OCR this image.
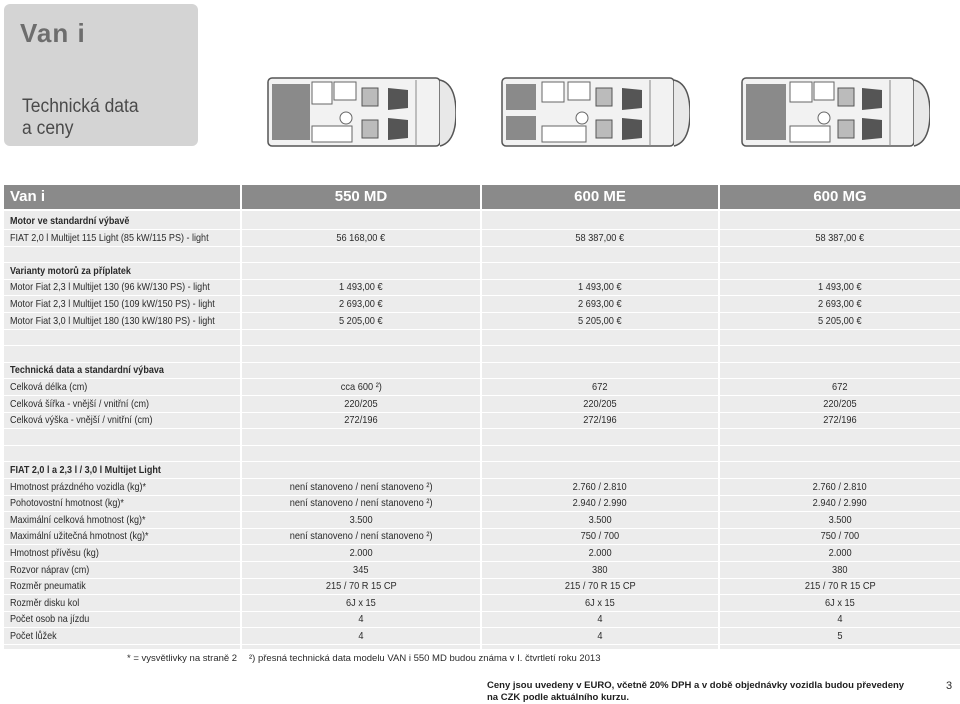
Van i
Technická data
a ceny
Van i	550 MD	600 ME	600 MG
Motor ve standardní výbavě
FIAT 2,0 l Multijet 115 Light (85 kW/115 PS) - light	56 168,00 €	58 387,00 €	58 387,00 €
Varianty motorů za příplatek
Motor Fiat 2,3 l Multijet 130 (96 kW/130 PS) - light	1 493,00 €	1 493,00 €	1 493,00 €
Motor Fiat 2,3 l Multijet 150 (109 kW/150 PS) - light	2 693,00 €	2 693,00 €	2 693,00 €
Motor Fiat 3,0 l Multijet 180 (130 kW/180 PS) - light	5 205,00 €	5 205,00 €	5 205,00 €
Technická data a standardní výbava
Celková délka (cm)	cca 600 ²)	672	672
Celková šířka - vnější / vnitřní (cm)	220/205	220/205	220/205
Celková výška - vnější / vnitřní (cm)	272/196	272/196	272/196
FIAT 2,0 l a 2,3 l / 3,0 l Multijet Light
Hmotnost prázdného vozidla (kg)*	není stanoveno / není stanoveno ²)	2.760 / 2.810	2.760 / 2.810
Pohotovostní hmotnost (kg)*	není stanoveno / není stanoveno ²)	2.940 / 2.990	2.940 / 2.990
Maximální celková hmotnost (kg)*	3.500	3.500	3.500
Maximální užitečná hmotnost (kg)*	není stanoveno / není stanoveno ²)	750 / 700	750 / 700
Hmotnost přívěsu (kg)	2.000	2.000	2.000
Rozvor náprav (cm)	345	380	380
Rozměr pneumatik	215 / 70 R 15 CP	215 / 70 R 15 CP	215 / 70 R 15 CP
Rozměr disku kol	6J x 15	6J x 15	6J x 15
Počet osob na jízdu	4	4	4
Počet lůžek	4	4	5
* = vysvětlivky na straně 2 ²) přesná technická data modelu VAN i 550 MD budou známa v I. čtvrtletí roku 2013
Ceny jsou uvedeny v EURO, včetně 20% DPH a v době objednávky vozidla budou převedeny na CZK podle aktuálního kurzu.
3
